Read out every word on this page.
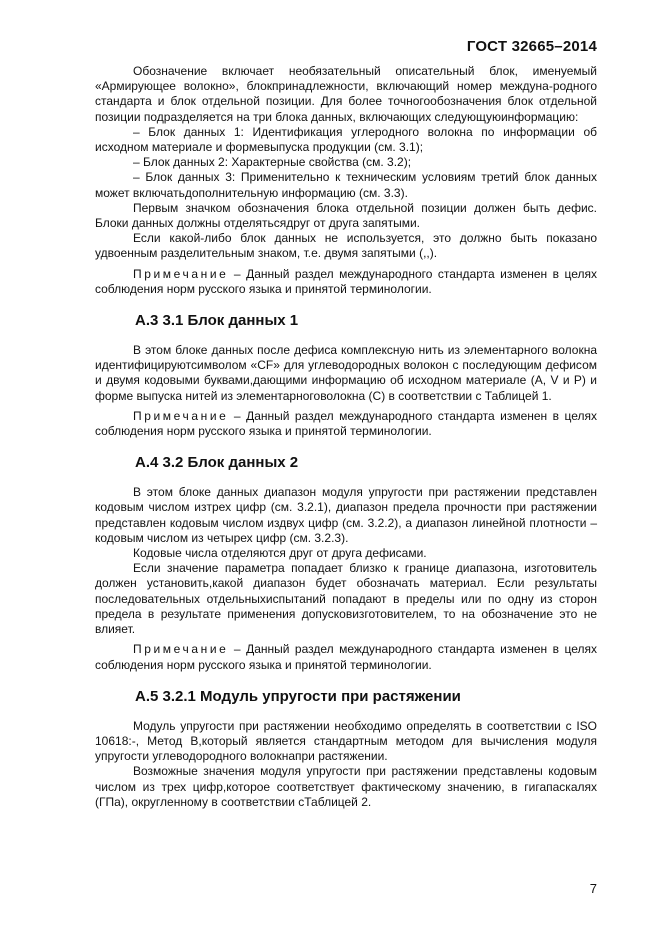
ГОСТ 32665–2014

Обозначение включает необязательный описательный блок, именуемый «Армирующее волокно», блокпринадлежности, включающий номер междуна-родного стандарта и блок отдельной позиции. Для более точногообозначения блок отдельной позиции подразделяется на три блока данных, включающих следующуюинформацию:

– Блок данных 1: Идентификация углеродного волокна по информации об исходном материале и формевыпуска продукции (см. 3.1);

– Блок данных 2: Характерные свойства (см. 3.2);

– Блок данных 3: Применительно к техническим условиям третий блок данных может включатьдополнительную информацию (см. 3.3).

Первым значком обозначения блока отдельной позиции должен быть дефис. Блоки данных должны отделятьсядруг от друга запятыми.

Если какой-либо блок данных не используется, это должно быть показано удвоенным разделительным знаком, т.е. двумя запятыми (,,).

Примечание – Данный раздел международного стандарта изменен в целях соблюдения норм русского языка и принятой терминологии.

А.3 3.1 Блок данных 1

В этом блоке данных после дефиса комплексную нить из элементарного волокна идентифицируютсимволом «CF» для углеводородных волокон с последующим дефисом и двумя кодовыми буквами,дающими информацию об исходном материале (A, V и P) и форме выпуска нитей из элементарноговолокна (C) в соответствии с Таблицей 1.

Примечание – Данный раздел международного стандарта изменен в целях соблюдения норм русского языка и принятой терминологии.

А.4 3.2 Блок данных 2

В этом блоке данных диапазон модуля упругости при растяжении представлен кодовым числом изтрех цифр (см. 3.2.1), диапазон предела прочности при растяжении представлен кодовым числом издвух цифр (см. 3.2.2), а диапазон линейной плотности – кодовым числом из четырех цифр (см. 3.2.3).

Кодовые числа отделяются друг от друга дефисами.

Если значение параметра попадает близко к границе диапазона, изготовитель должен установить,какой диапазон будет обозначать материал. Если результаты последовательных отдельныхиспытаний попадают в пределы или по одну из сторон предела в результате применения допусковизготовителем, то на обозначение это не влияет.

Примечание – Данный раздел международного стандарта изменен в целях соблюдения норм русского языка и принятой терминологии.

А.5 3.2.1 Модуль упругости при растяжении

Модуль упругости при растяжении необходимо определять в соответствии с ISO 10618:-, Метод B,который является стандартным методом для вычисления модуля упругости углеводородного волокнапри растяжении.

Возможные значения модуля упругости при растяжении представлены кодовым числом из трех цифр,которое соответствует фактическому значению, в гигапаскалях (ГПа), округленному в соответствии сТаблицей 2.

7
